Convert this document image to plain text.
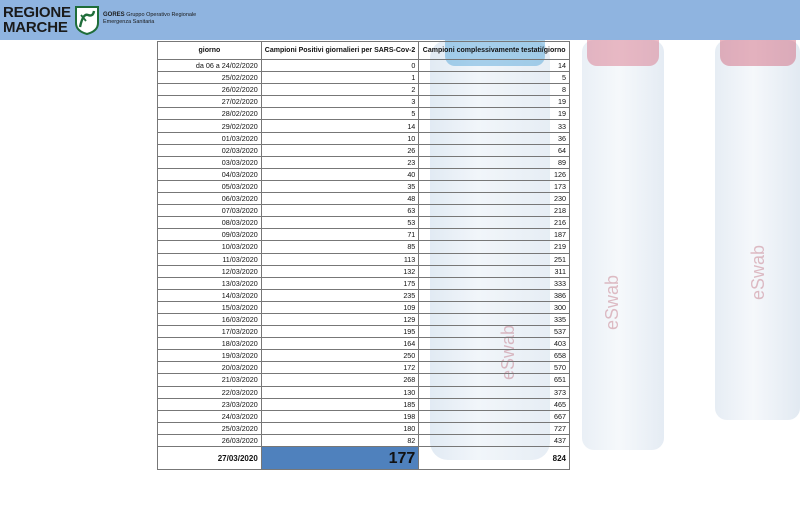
REGIONE
MARCHE
GORES Gruppo Operativo Regionale
Emergenza Sanitaria
eSwab
eSwab
eSwab
giorno	Campioni Positivi giornalieri per SARS-Cov-2	Campioni complessivamente testati/giorno
da 06 a 24/02/2020	0	14
25/02/2020	1	5
26/02/2020	2	8
27/02/2020	3	19
28/02/2020	5	19
29/02/2020	14	33
01/03/2020	10	36
02/03/2020	26	64
03/03/2020	23	89
04/03/2020	40	126
05/03/2020	35	173
06/03/2020	48	230
07/03/2020	63	218
08/03/2020	53	216
09/03/2020	71	187
10/03/2020	85	219
11/03/2020	113	251
12/03/2020	132	311
13/03/2020	175	333
14/03/2020	235	386
15/03/2020	109	300
16/03/2020	129	335
17/03/2020	195	537
18/03/2020	164	403
19/03/2020	250	658
20/03/2020	172	570
21/03/2020	268	651
22/03/2020	130	373
23/03/2020	185	465
24/03/2020	198	667
25/03/2020	180	727
26/03/2020	82	437
27/03/2020	177	824
